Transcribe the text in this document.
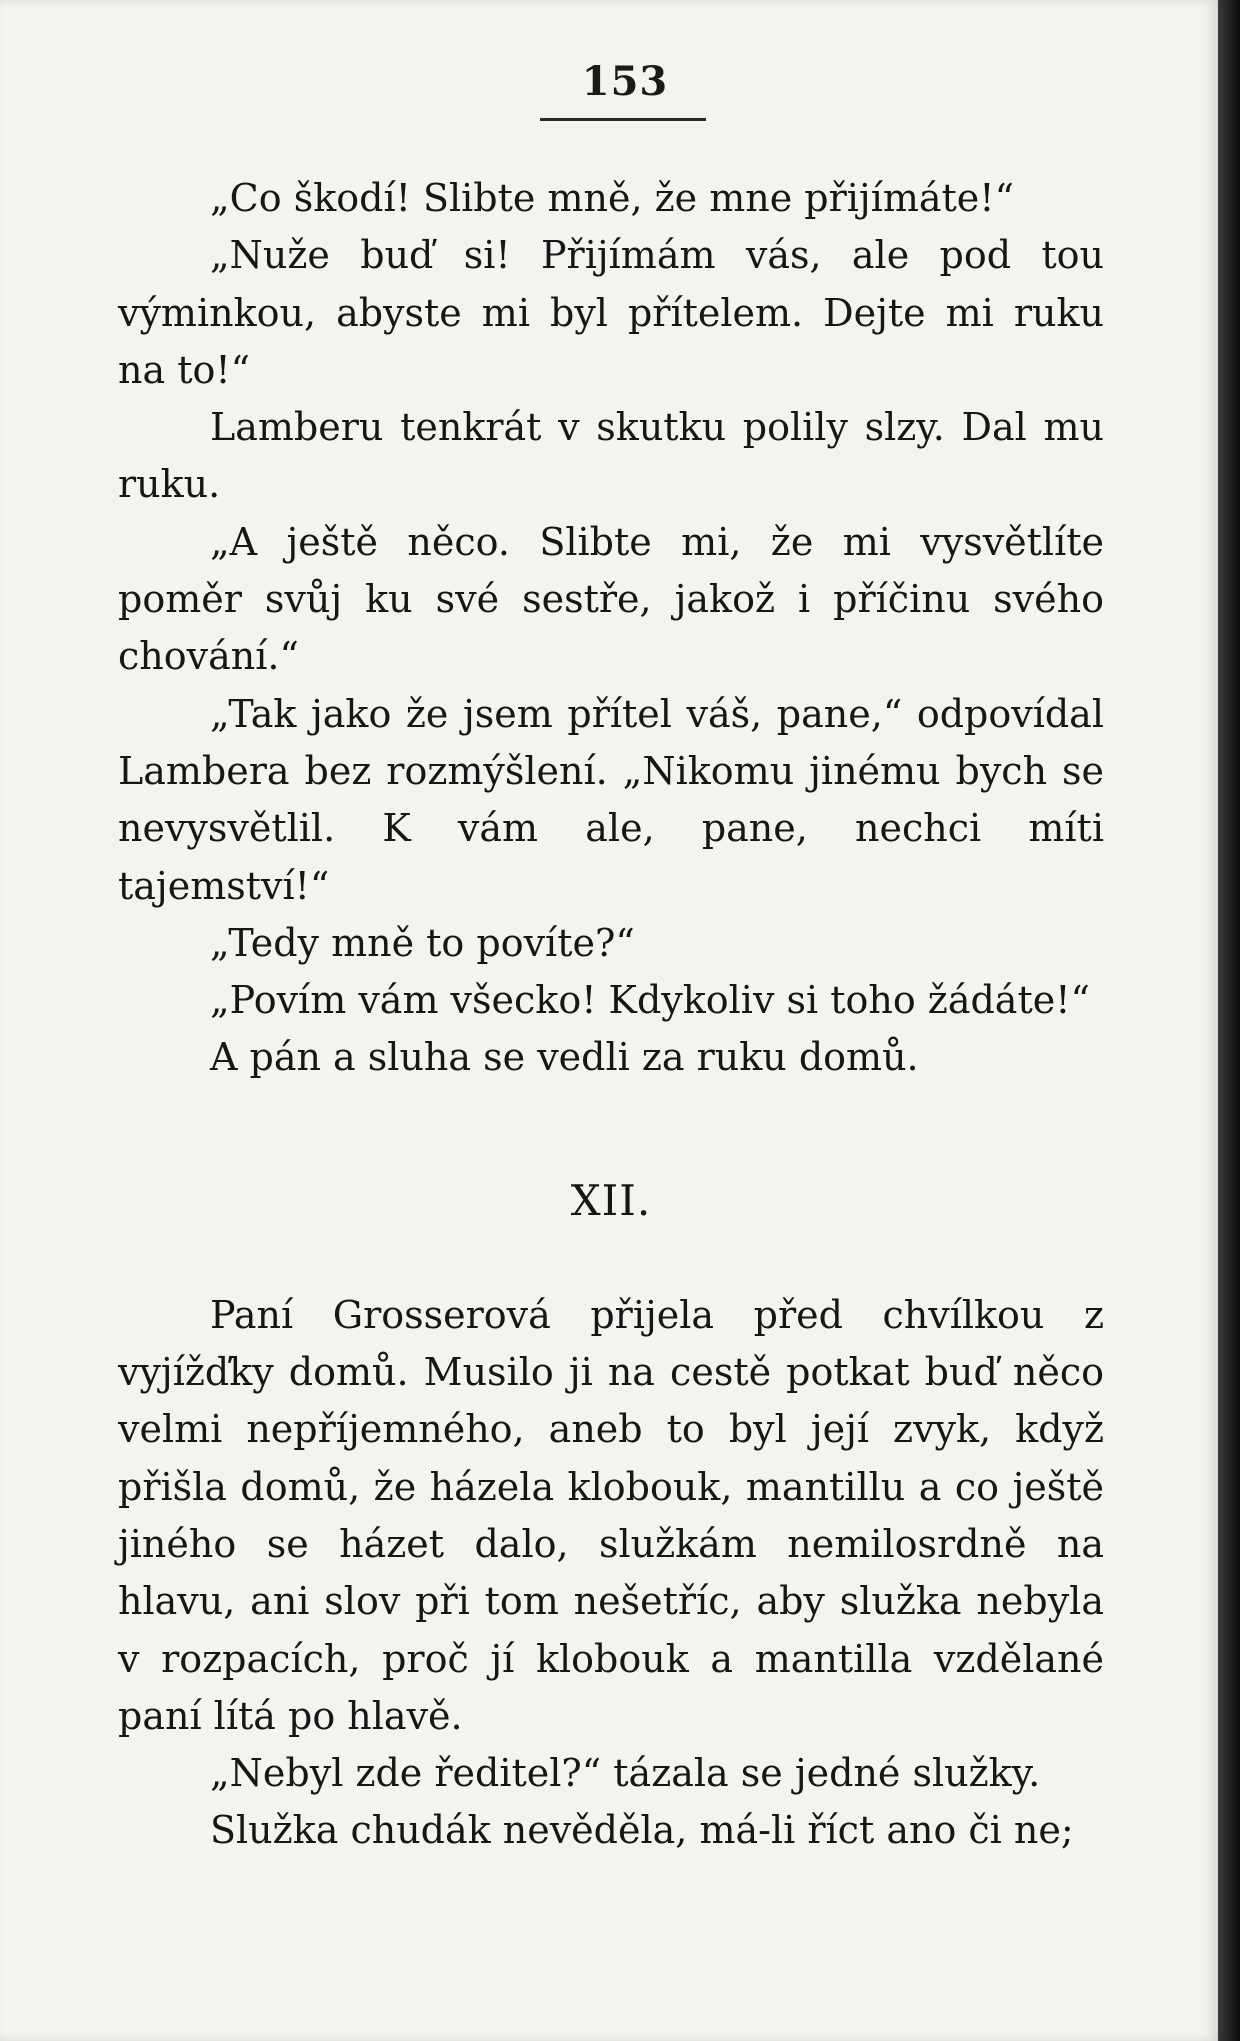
153

„Co škodí! Slibte mně, že mne přijímáte!“

„Nuže buď si! Přijímám vás, ale pod tou výminkou, abyste mi byl přítelem. Dejte mi ruku na to!“

Lamberu tenkrát v skutku polily slzy. Dal mu ruku.

„A ještě něco. Slibte mi, že mi vysvětlíte poměr svůj ku své sestře, jakož i příčinu svého chování.“

„Tak jako že jsem přítel váš, pane,“ odpovídal Lambera bez rozmýšlení. „Nikomu jinému bych se nevysvětlil. K vám ale, pane, nechci míti tajemství!“

„Tedy mně to povíte?“

„Povím vám všecko! Kdykoliv si toho žádáte!“

A pán a sluha se vedli za ruku domů.

XII.

Paní Grosserová přijela před chvílkou z vyjížďky domů. Musilo ji na cestě potkat buď něco velmi nepříjemného, aneb to byl její zvyk, když přišla domů, že házela klobouk, mantillu a co ještě jiného se házet dalo, služkám nemilosrdně na hlavu, ani slov při tom nešetříc, aby služka nebyla v rozpacích, proč jí klobouk a mantilla vzdělané paní lítá po hlavě.

„Nebyl zde ředitel?“ tázala se jedné služky.

Služka chudák nevěděla, má-li říct ano či ne;
